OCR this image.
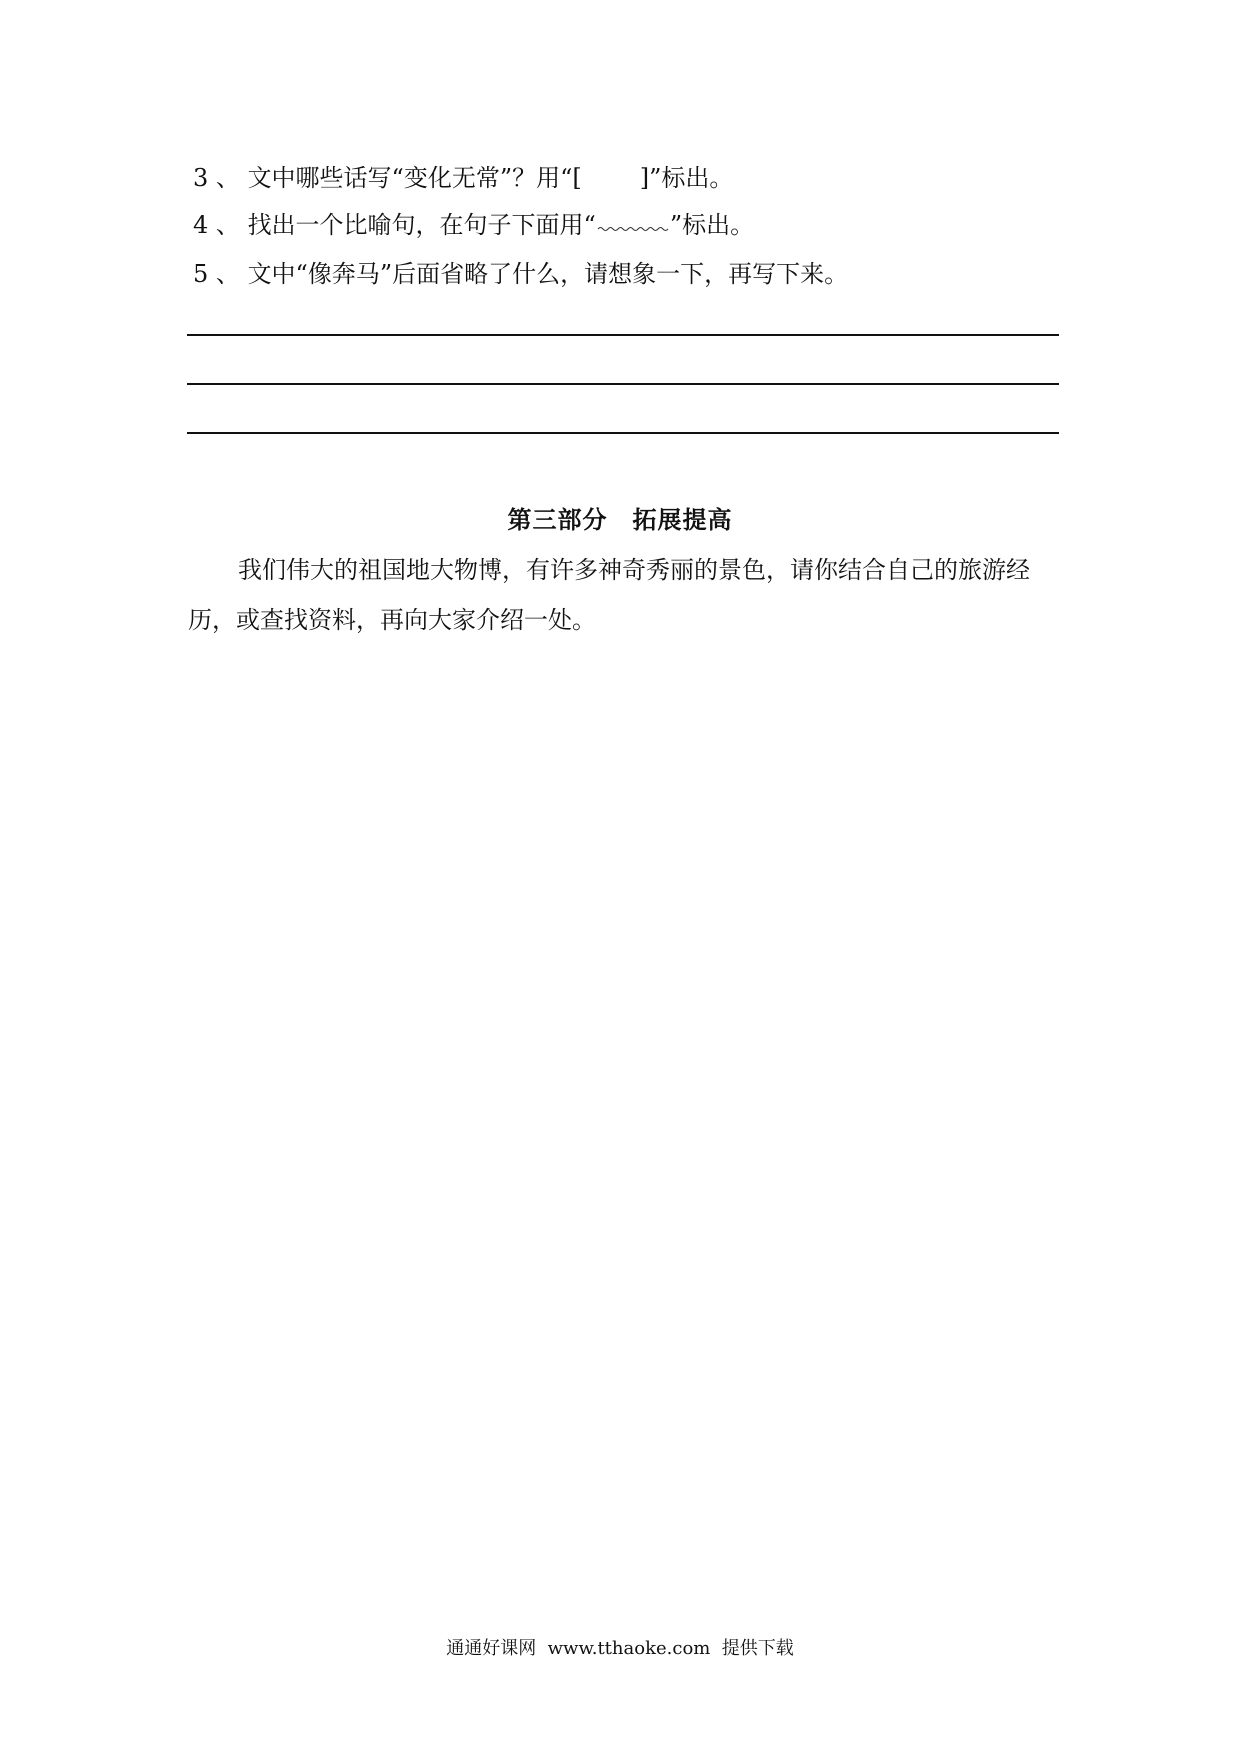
3 、 文中哪些话写“变化无常”？用“[ ]”标出。
4 、 找出一个比喻句，在句子下面用“	”标出。
5 、 文中“像奔马”后面省略了什么，请想象一下，再写下来。
第三部分　拓展提高
我们伟大的祖国地大物博，有许多神奇秀丽的景色，请你结合自己的旅游经
历，或查找资料，再向大家介绍一处。
通通好课网  www.tthaoke.com  提供下载
